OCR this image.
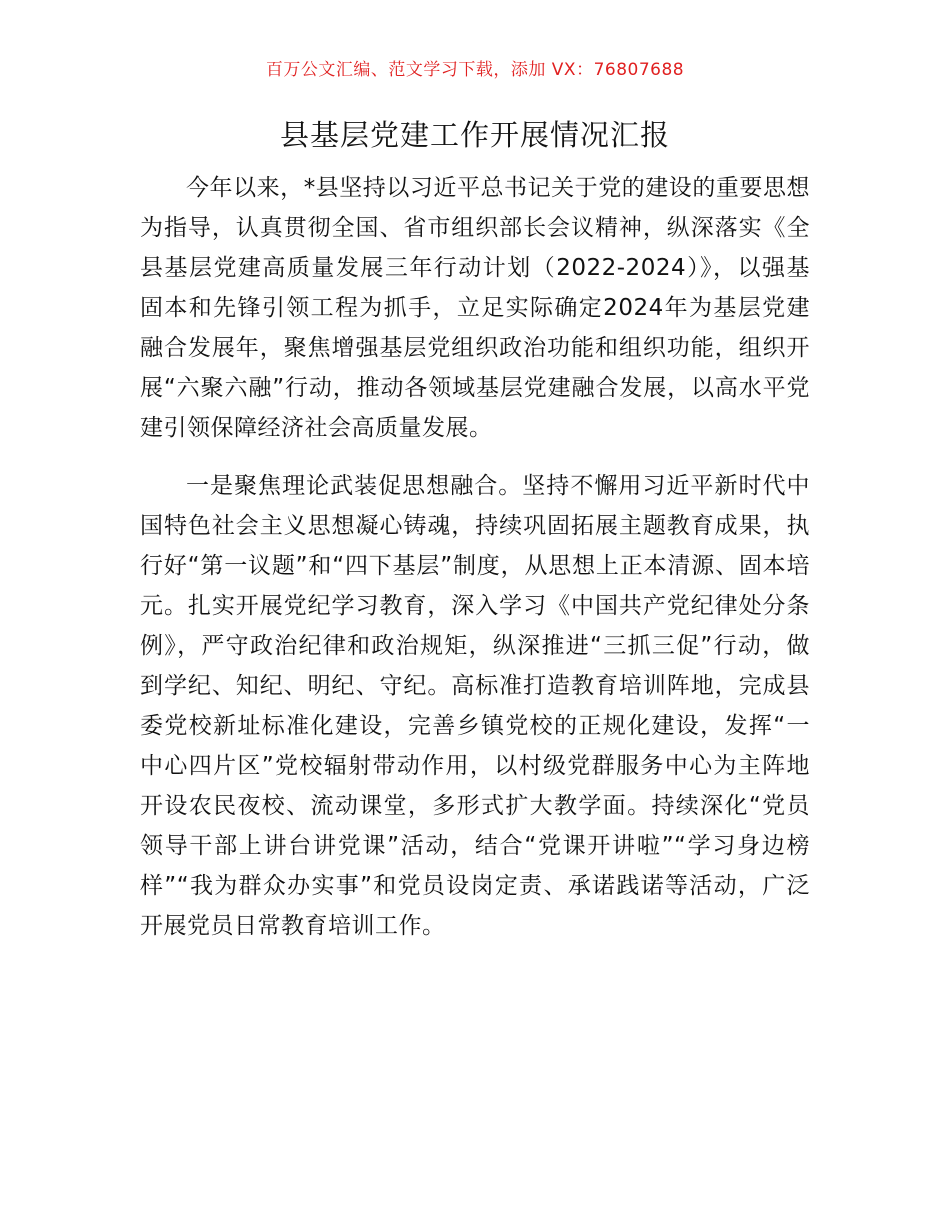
百万公文汇编、范文学习下载，添加 VX：76807688
县基层党建工作开展情况汇报

今年以来，*县坚持以习近平总书记关于党的建设的重要思想为指导，认真贯彻全国、省市组织部长会议精神，纵深落实《全县基层党建高质量发展三年行动计划（2022-2024）》，以强基固本和先锋引领工程为抓手，立足实际确定2024年为基层党建融合发展年，聚焦增强基层党组织政治功能和组织功能，组织开展“六聚六融”行动，推动各领域基层党建融合发展，以高水平党建引领保障经济社会高质量发展。

一是聚焦理论武装促思想融合。坚持不懈用习近平新时代中国特色社会主义思想凝心铸魂，持续巩固拓展主题教育成果，执行好“第一议题”和“四下基层”制度，从思想上正本清源、固本培元。扎实开展党纪学习教育，深入学习《中国共产党纪律处分条例》，严守政治纪律和政治规矩，纵深推进“三抓三促”行动，做到学纪、知纪、明纪、守纪。高标准打造教育培训阵地，完成县委党校新址标准化建设，完善乡镇党校的正规化建设，发挥“一中心四片区”党校辐射带动作用，以村级党群服务中心为主阵地开设农民夜校、流动课堂，多形式扩大教学面。持续深化“党员领导干部上讲台讲党课”活动，结合“党课开讲啦”“学习身边榜样”“我为群众办实事”和党员设岗定责、承诺践诺等活动，广泛开展党员日常教育培训工作。
